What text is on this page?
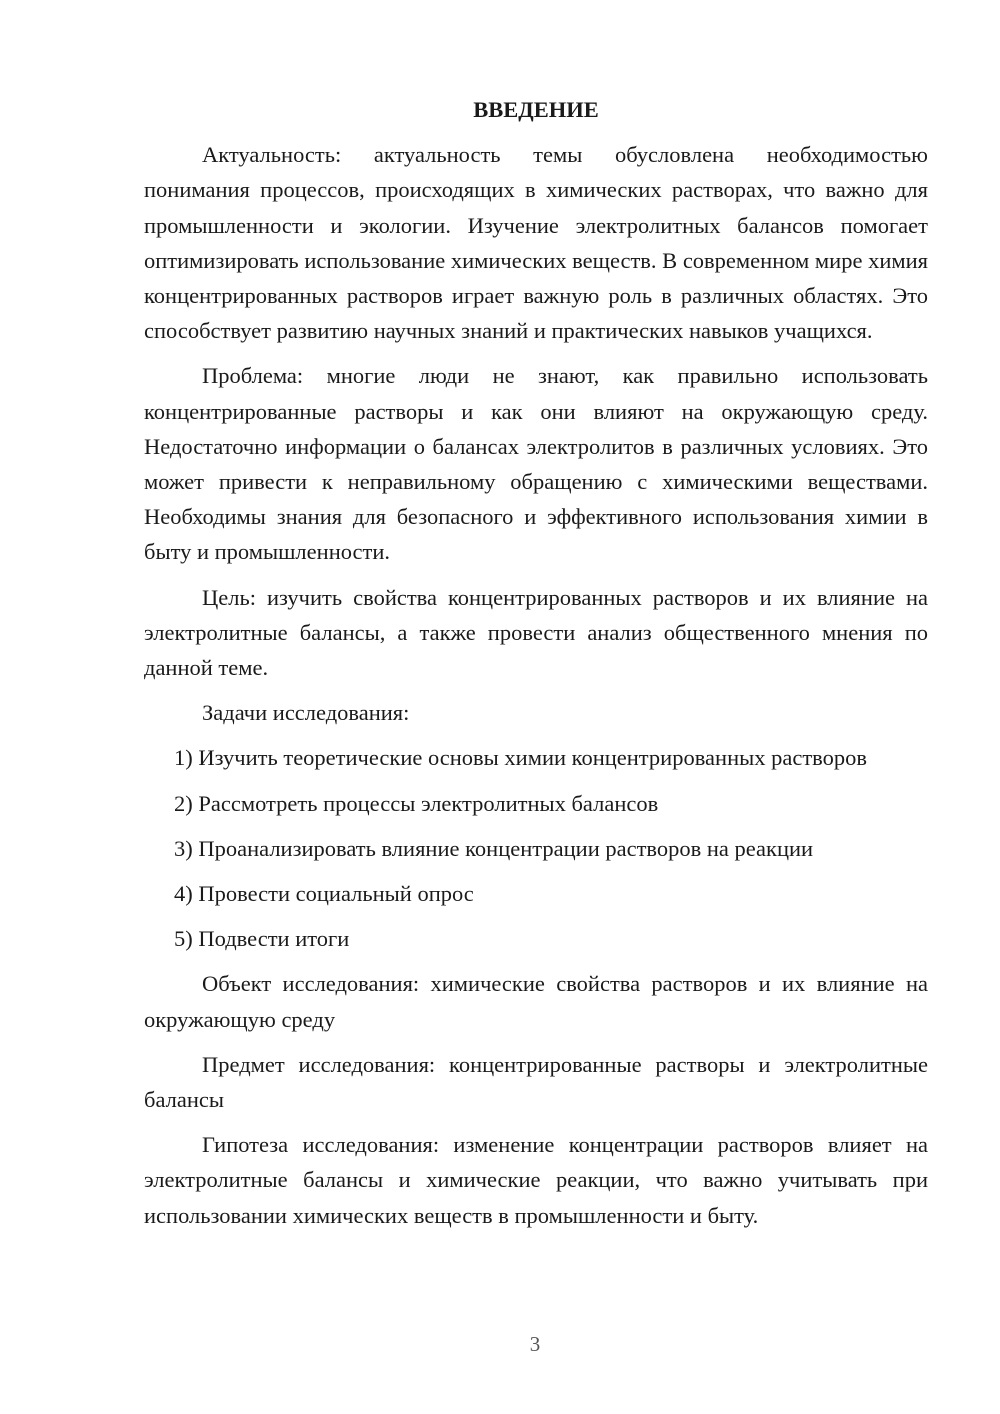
ВВЕДЕНИЕ

Актуальность: актуальность темы обусловлена необходимостью понимания процессов, происходящих в химических растворах, что важно для промышленности и экологии. Изучение электролитных балансов помогает оптимизировать использование химических веществ. В современном мире химия концентрированных растворов играет важную роль в различных областях. Это способствует развитию научных знаний и практических навыков учащихся.

Проблема: многие люди не знают, как правильно использовать концентрированные растворы и как они влияют на окружающую среду. Недостаточно информации о балансах электролитов в различных условиях. Это может привести к неправильному обращению с химическими веществами. Необходимы знания для безопасного и эффективного использования химии в быту и промышленности.

Цель: изучить свойства концентрированных растворов и их влияние на электролитные балансы, а также провести анализ общественного мнения по данной теме.

Задачи исследования:

1) Изучить теоретические основы химии концентрированных растворов

2) Рассмотреть процессы электролитных балансов

3) Проанализировать влияние концентрации растворов на реакции

4) Провести социальный опрос

5) Подвести итоги

Объект исследования: химические свойства растворов и их влияние на окружающую среду

Предмет исследования: концентрированные растворы и электролитные балансы

Гипотеза исследования: изменение концентрации растворов влияет на электролитные балансы и химические реакции, что важно учитывать при использовании химических веществ в промышленности и быту.

3
